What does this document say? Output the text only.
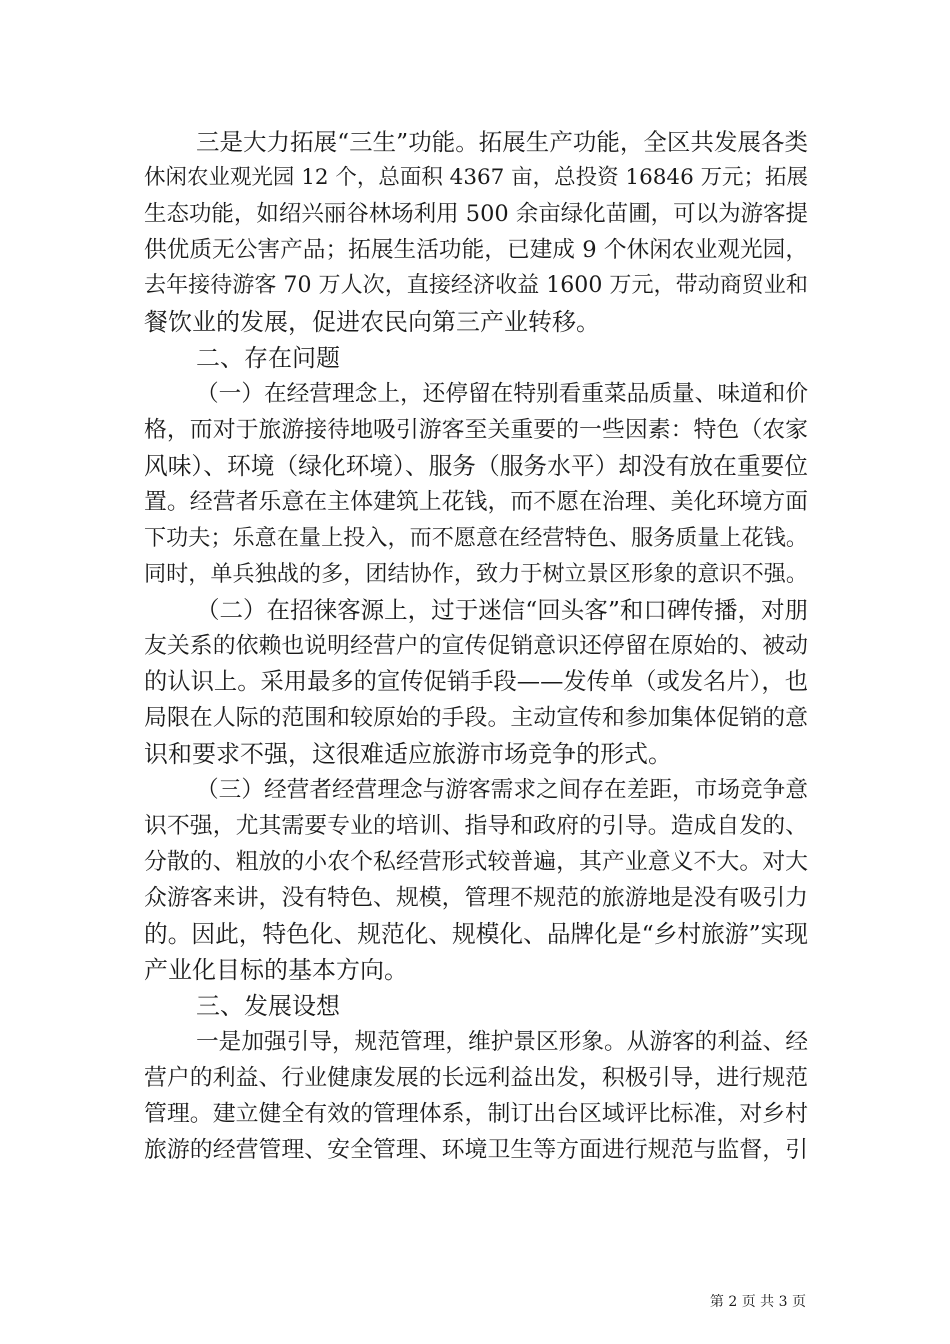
三是大力拓展“三生”功能。拓展生产功能，全区共发展各类
休闲农业观光园 12 个，总面积 4367 亩，总投资 16846 万元；拓展
生态功能，如绍兴丽谷林场利用 500 余亩绿化苗圃，可以为游客提
供优质无公害产品；拓展生活功能，已建成 9 个休闲农业观光园，
去年接待游客 70 万人次，直接经济收益 1600 万元，带动商贸业和
餐饮业的发展，促进农民向第三产业转移。
二、存在问题
（一）在经营理念上，还停留在特别看重菜品质量、味道和价
格，而对于旅游接待地吸引游客至关重要的一些因素：特色（农家
风味）、环境（绿化环境）、服务（服务水平）却没有放在重要位
置。经营者乐意在主体建筑上花钱，而不愿在治理、美化环境方面
下功夫；乐意在量上投入，而不愿意在经营特色、服务质量上花钱。
同时，单兵独战的多，团结协作，致力于树立景区形象的意识不强。
（二）在招徕客源上，过于迷信“回头客”和口碑传播，对朋
友关系的依赖也说明经营户的宣传促销意识还停留在原始的、被动
的认识上。采用最多的宣传促销手段——发传单（或发名片），也
局限在人际的范围和较原始的手段。主动宣传和参加集体促销的意
识和要求不强，这很难适应旅游市场竞争的形式。
（三）经营者经营理念与游客需求之间存在差距，市场竞争意
识不强，尤其需要专业的培训、指导和政府的引导。造成自发的、
分散的、粗放的小农个私经营形式较普遍，其产业意义不大。对大
众游客来讲，没有特色、规模，管理不规范的旅游地是没有吸引力
的。因此，特色化、规范化、规模化、品牌化是“乡村旅游”实现
产业化目标的基本方向。
三、发展设想
一是加强引导，规范管理，维护景区形象。从游客的利益、经
营户的利益、行业健康发展的长远利益出发，积极引导，进行规范
管理。建立健全有效的管理体系，制订出台区域评比标准，对乡村
旅游的经营管理、安全管理、环境卫生等方面进行规范与监督，引
第 2 页 共 3 页
